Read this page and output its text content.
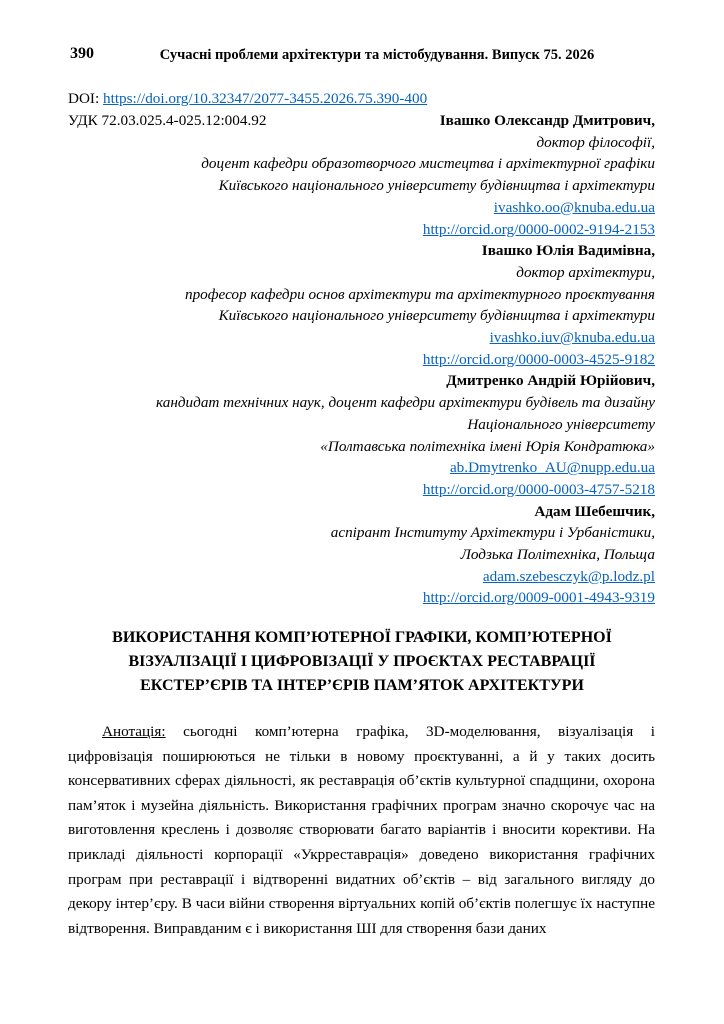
390	Сучасні проблеми архітектури та містобудування. Випуск 75. 2026
DOI: https://doi.org/10.32347/2077-3455.2026.75.390-400
УДК 72.03.025.4-025.12:004.92	Івашко Олександр Дмитрович,
доктор філософії,
доцент кафедри образотворчого мистецтва і архітектурної графіки
Київського національного університету будівництва і архітектури
ivashko.oo@knuba.edu.ua
http://orcid.org/0000-0002-9194-2153
Івашко Юлія Вадимівна,
доктор архітектури,
професор кафедри основ архітектури та архітектурного проєктування
Київського національного університету будівництва і архітектури
ivashko.iuv@knuba.edu.ua
http://orcid.org/0000-0003-4525-9182
Дмитренко Андрій Юрійович,
кандидат технічних наук, доцент кафедри архітектури будівель та дизайну
Національного університету
«Полтавська політехніка імені Юрія Кондратюка»
ab.Dmytrenko_AU@nupp.edu.ua
http://orcid.org/0000-0003-4757-5218
Адам Шебешчик,
аспірант Інституту Архітектури і Урбаністики,
Лодзька Політехніка, Польща
adam.szebesczyk@p.lodz.pl
http://orcid.org/0009-0001-4943-9319
ВИКОРИСТАННЯ КОМП’ЮТЕРНОЇ ГРАФІКИ, КОМП’ЮТЕРНОЇ
ВІЗУАЛІЗАЦІЇ І ЦИФРОВІЗАЦІЇ У ПРОЄКТАХ РЕСТАВРАЦІЇ
ЕКСТЕР’ЄРІВ ТА ІНТЕР’ЄРІВ ПАМ’ЯТОК АРХІТЕКТУРИ
Анотація: сьогодні комп’ютерна графіка, 3D-моделювання, візуалізація і цифровізація поширюються не тільки в новому проєктуванні, а й у таких досить консервативних сферах діяльності, як реставрація об’єктів культурної спадщини, охорона пам’яток і музейна діяльність. Використання графічних програм значно скорочує час на виготовлення креслень і дозволяє створювати багато варіантів і вносити корективи. На прикладі діяльності корпорації «Укрреставрація» доведено використання графічних програм при реставрації і відтворенні видатних об’єктів – від загального вигляду до декору інтер’єру. В часи війни створення віртуальних копій об’єктів полегшує їх наступне відтворення. Виправданим є і використання ШІ для створення бази даних
